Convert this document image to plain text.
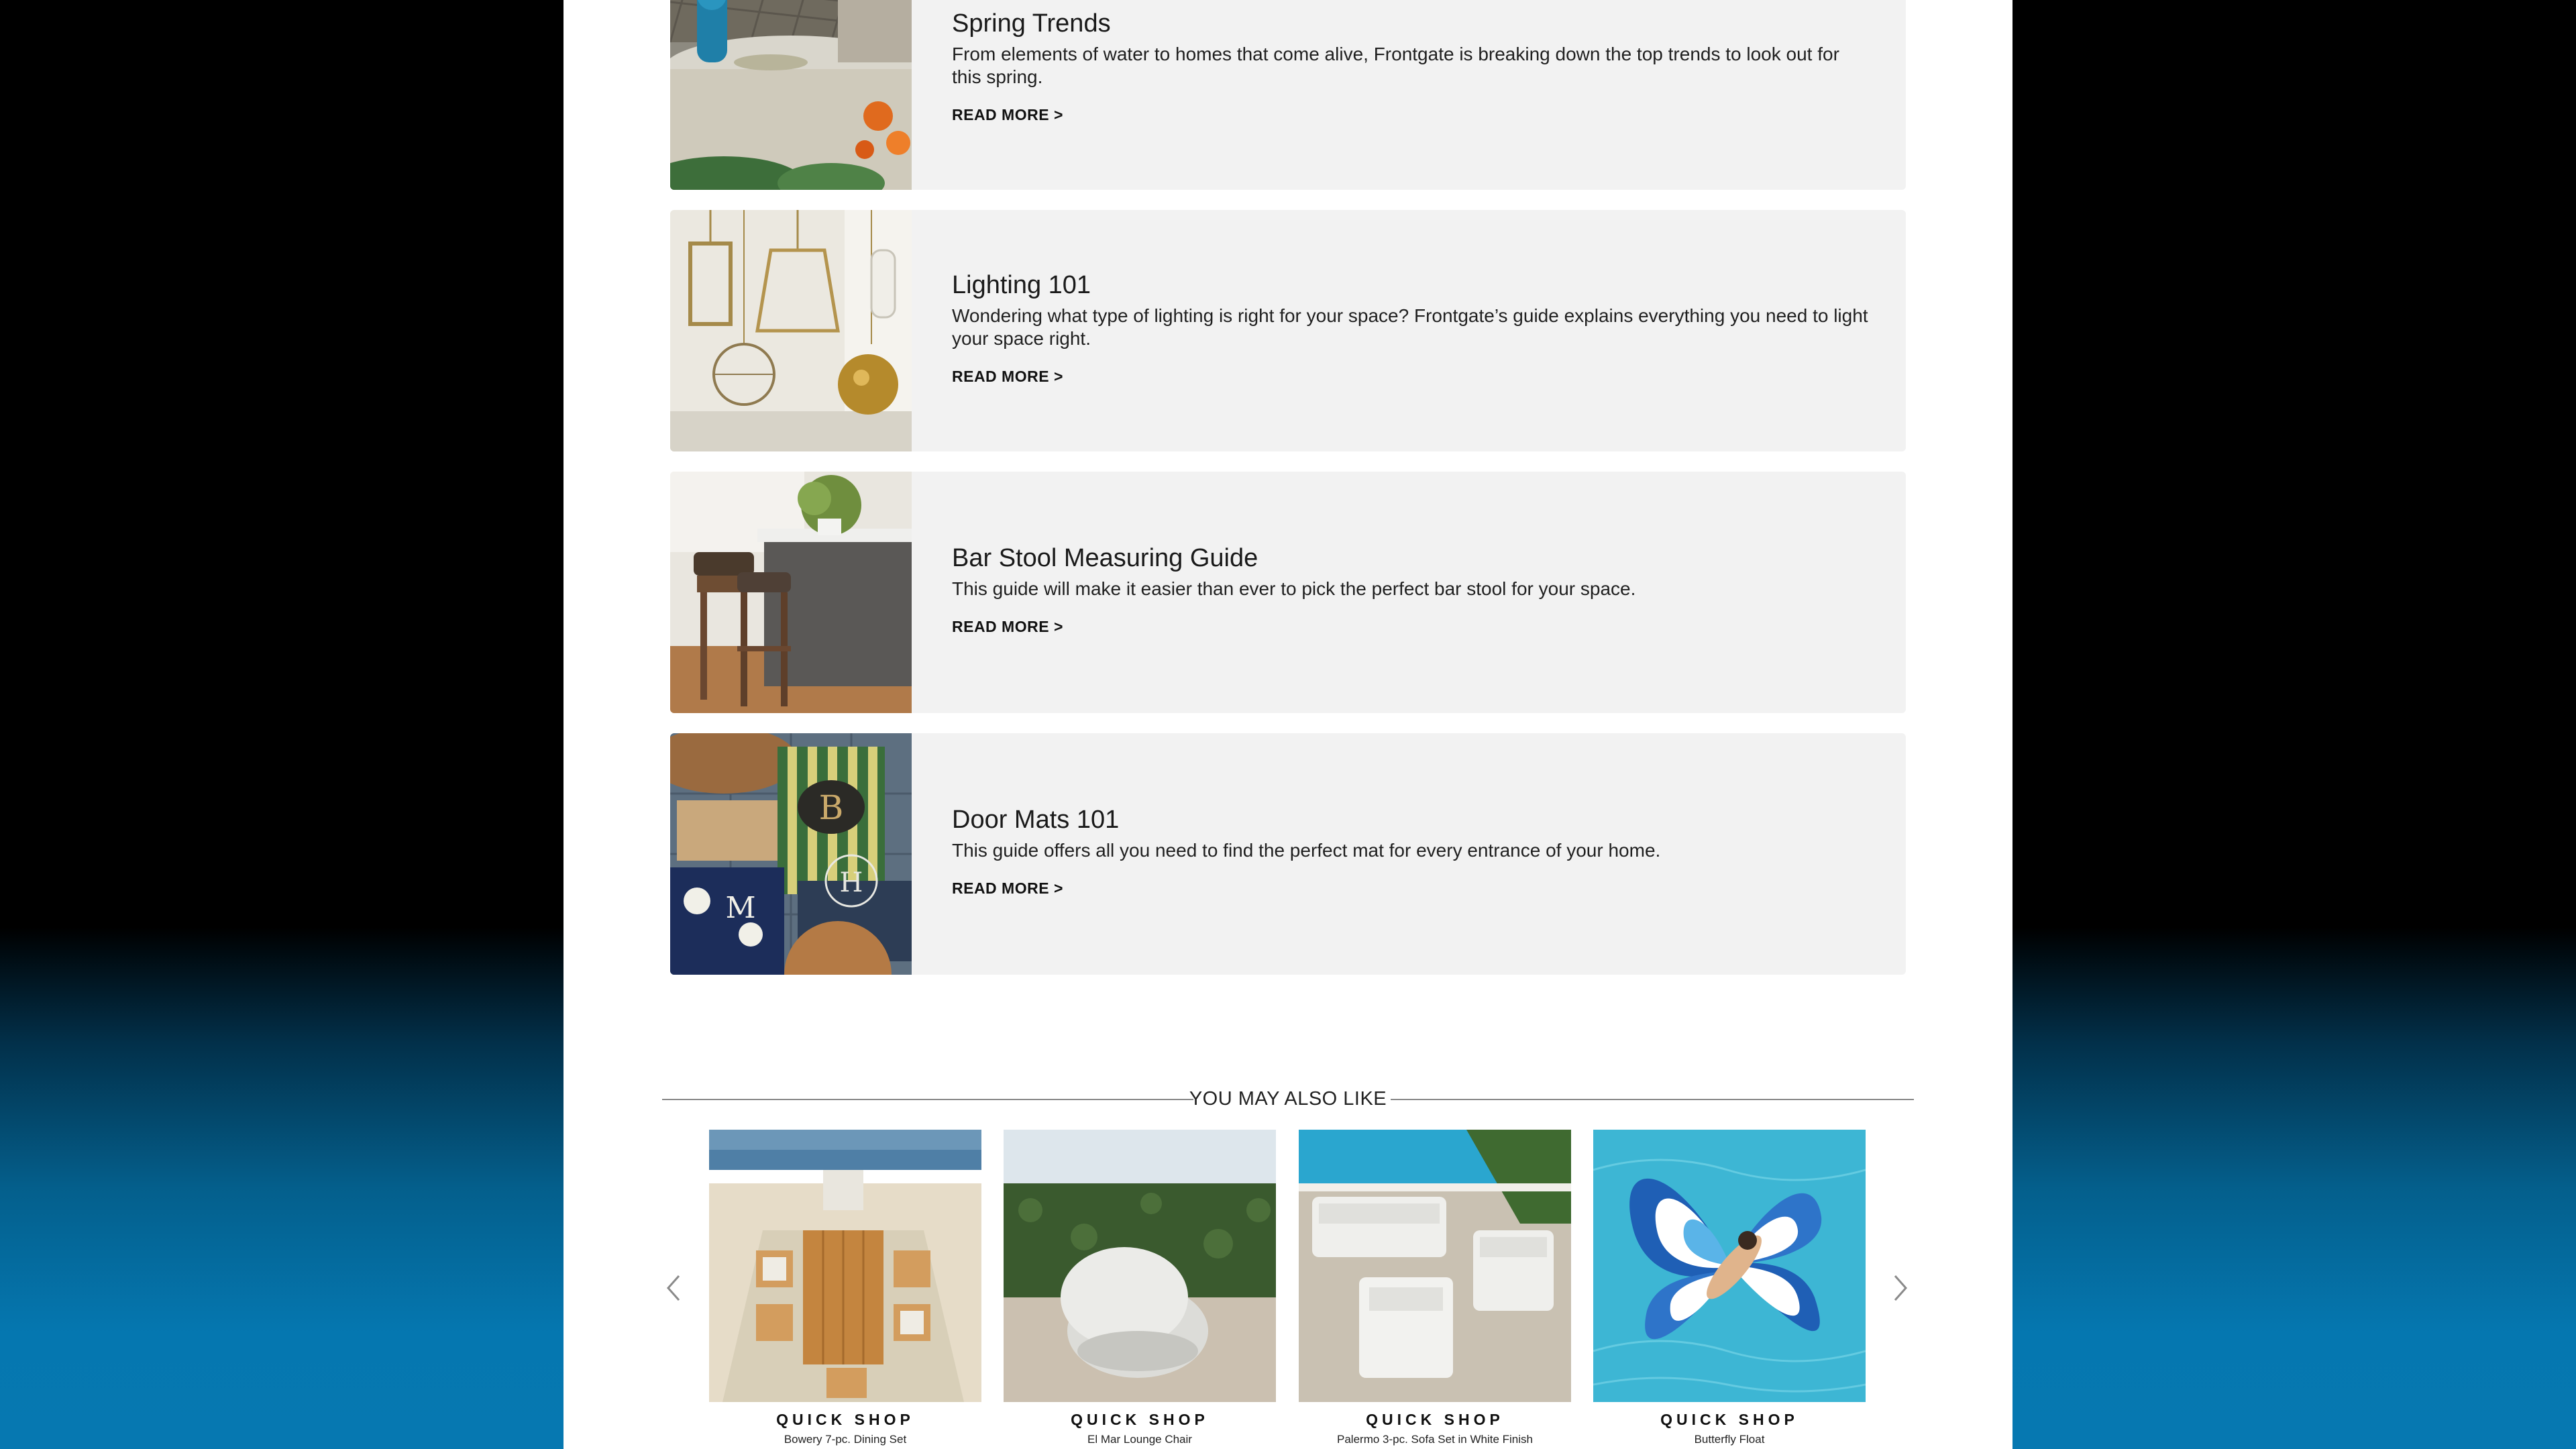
Spring Trends
From elements of water to homes that come alive, Frontgate is breaking down the top trends to look out for this spring.
READ MORE >
Lighting 101
Wondering what type of lighting is right for your space? Frontgate’s guide explains everything you need to light your space right.
READ MORE >
Bar Stool Measuring Guide
This guide will make it easier than ever to pick the perfect bar stool for your space.
READ MORE >
B
M
H
Door Mats 101
This guide offers all you need to find the perfect mat for every entrance of your home.
READ MORE >
YOU MAY ALSO LIKE
QUICK SHOP
Bowery 7-pc. Dining Set
QUICK SHOP
El Mar Lounge Chair
QUICK SHOP
Palermo 3-pc. Sofa Set in White Finish
QUICK SHOP
Butterfly Float
